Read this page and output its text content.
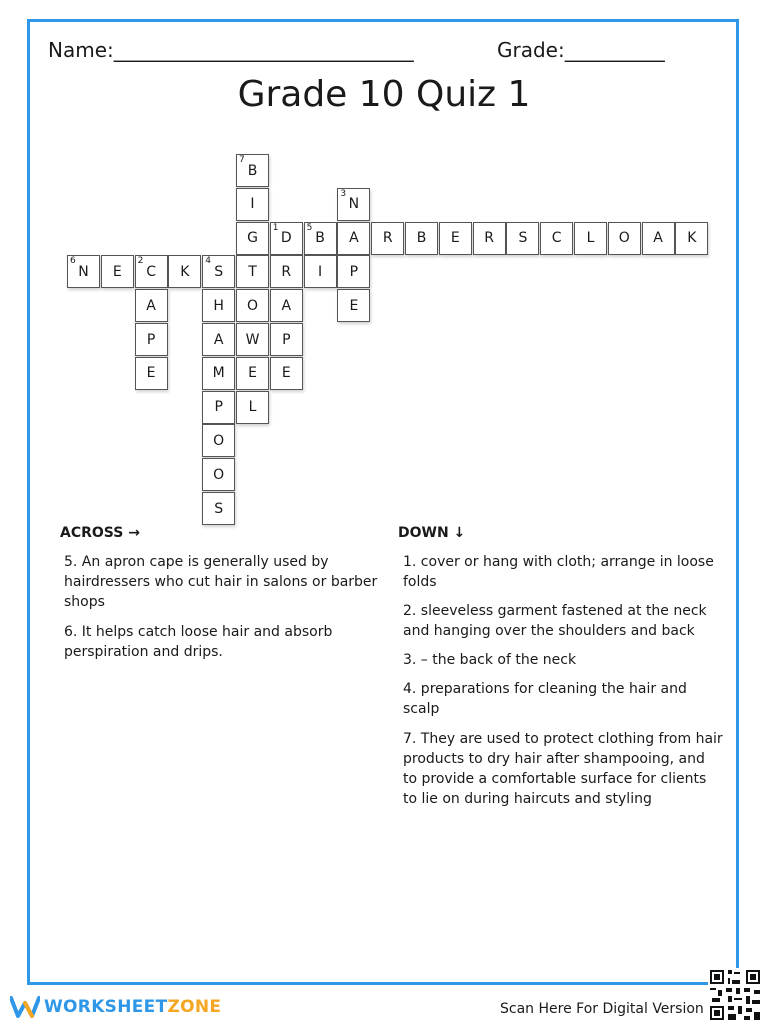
Name:______________________________	Grade:__________
Grade 10 Quiz 1
7
B
I
3
N
G
1
D
5
B A R B E R S C L O A K
6
N E
2
C K
4
S T R I P
A	H O A	E
P	A W P
E	M E E
P L
O
O
S
ACROSS →	DOWN ↓
5. An apron cape is generally used by hairdressers who cut hair in salons or barber shops
6. It helps catch loose hair and absorb perspiration and drips.
1. cover or hang with cloth; arrange in loose folds
2. sleeveless garment fastened at the neck and hanging over the shoulders and back
3. – the back of the neck
4. preparations for cleaning the hair and scalp
7. They are used to protect clothing from hair products to dry hair after shampooing, and to provide a comfortable surface for clients to lie on during haircuts and styling
WORKSHEETZONE	Scan Here For Digital Version
